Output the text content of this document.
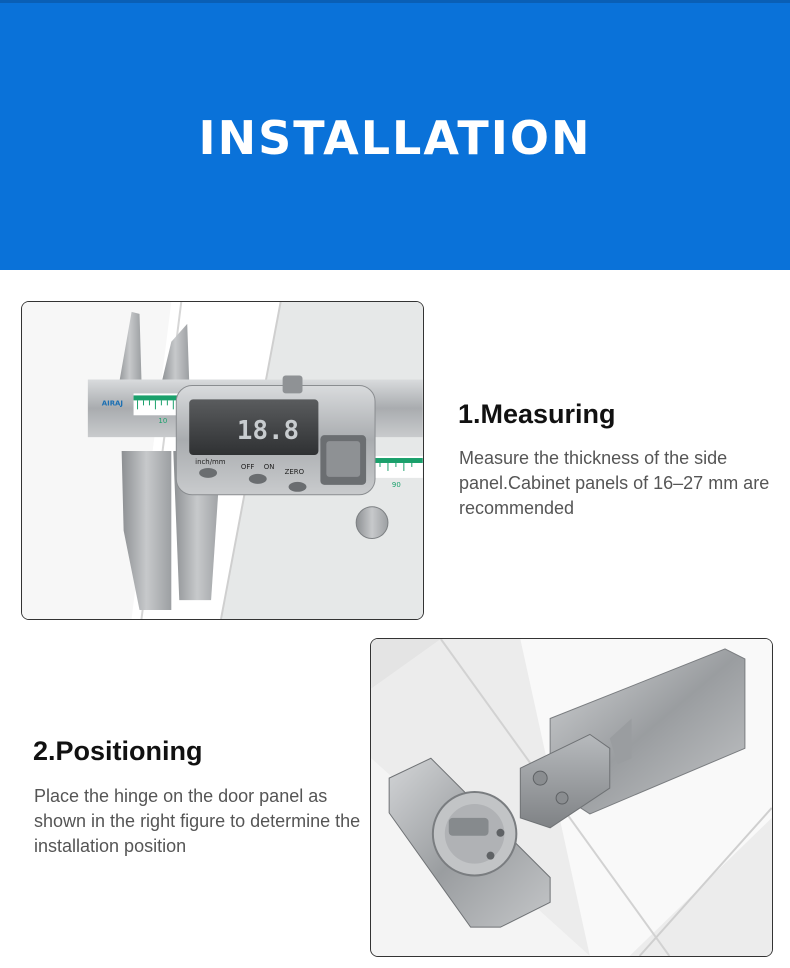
INSTALLATION
10
AIRAJ
90
18.8
inch/mm
OFF ON
ZERO
1.Measuring
Measure the thickness of the side panel.Cabinet panels of 16–27 mm are recommended
2.Positioning
Place the hinge on the door panel as shown in the right figure to determine the installation position
